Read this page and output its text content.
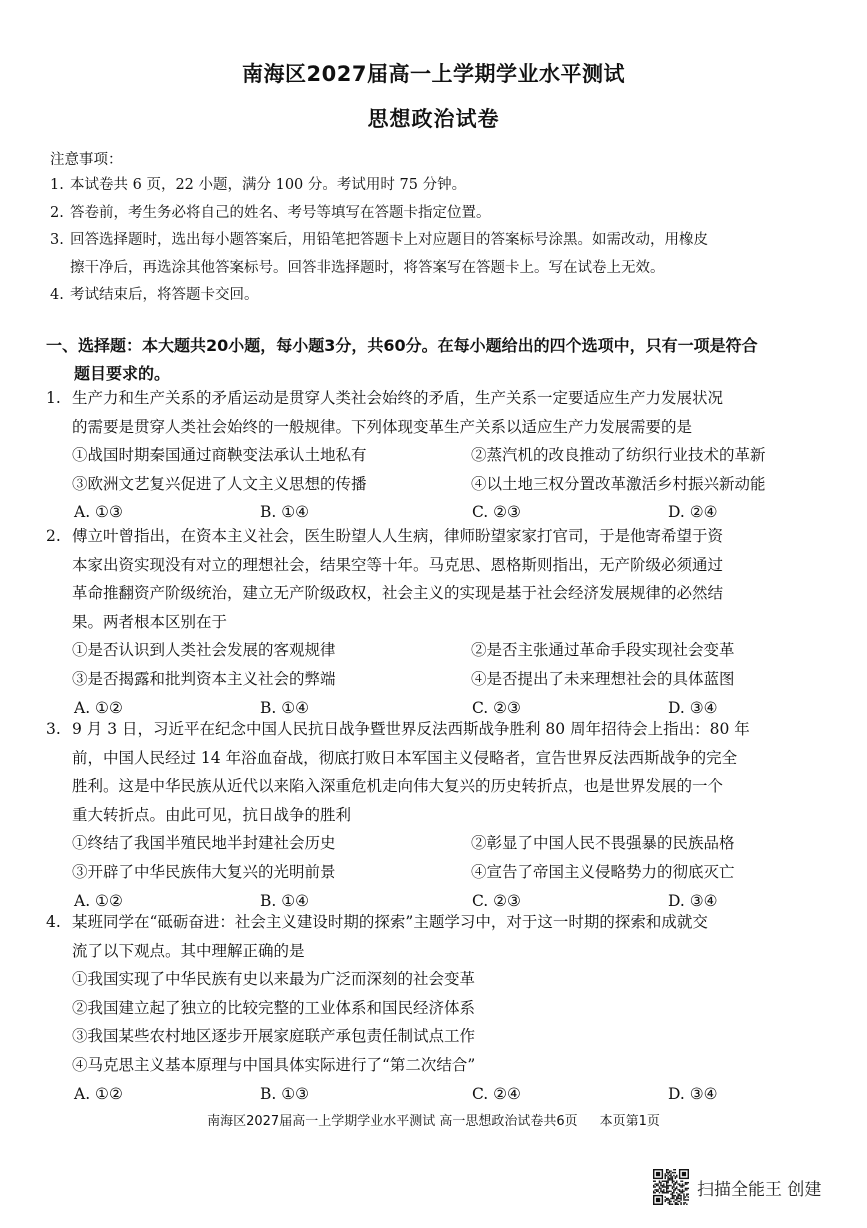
南海区2027届高一上学期学业水平测试
思想政治试卷
注意事项：
1. 本试卷共 6 页，22 小题，满分 100 分。考试用时 75 分钟。
2. 答卷前，考生务必将自己的姓名、考号等填写在答题卡指定位置。
3. 回答选择题时，选出每小题答案后，用铅笔把答题卡上对应题目的答案标号涂黑。如需改动，用橡皮
擦干净后，再选涂其他答案标号。回答非选择题时，将答案写在答题卡上。写在试卷上无效。
4. 考试结束后，将答题卡交回。
一、选择题：本大题共20小题，每小题3分，共60分。在每小题给出的四个选项中，只有一项是符合
题目要求的。
1. 生产力和生产关系的矛盾运动是贯穿人类社会始终的矛盾，生产关系一定要适应生产力发展状况
的需要是贯穿人类社会始终的一般规律。下列体现变革生产关系以适应生产力发展需要的是
①战国时期秦国通过商鞅变法承认土地私有	②蒸汽机的改良推动了纺织行业技术的革新
③欧洲文艺复兴促进了人文主义思想的传播	④以土地三权分置改革激活乡村振兴新动能
A. ①③	B. ①④	C. ②③	D. ②④
2. 傅立叶曾指出，在资本主义社会，医生盼望人人生病，律师盼望家家打官司，于是他寄希望于资
本家出资实现没有对立的理想社会，结果空等十年。马克思、恩格斯则指出，无产阶级必须通过
革命推翻资产阶级统治，建立无产阶级政权，社会主义的实现是基于社会经济发展规律的必然结
果。两者根本区别在于
①是否认识到人类社会发展的客观规律	②是否主张通过革命手段实现社会变革
③是否揭露和批判资本主义社会的弊端	④是否提出了未来理想社会的具体蓝图
A. ①②	B. ①④	C. ②③	D. ③④
3. 9 月 3 日，习近平在纪念中国人民抗日战争暨世界反法西斯战争胜利 80 周年招待会上指出：80 年
前，中国人民经过 14 年浴血奋战，彻底打败日本军国主义侵略者，宣告世界反法西斯战争的完全
胜利。这是中华民族从近代以来陷入深重危机走向伟大复兴的历史转折点，也是世界发展的一个
重大转折点。由此可见，抗日战争的胜利
①终结了我国半殖民地半封建社会历史	②彰显了中国人民不畏强暴的民族品格
③开辟了中华民族伟大复兴的光明前景	④宣告了帝国主义侵略势力的彻底灭亡
A. ①②	B. ①④	C. ②③	D. ③④
4. 某班同学在“砥砺奋进：社会主义建设时期的探索”主题学习中，对于这一时期的探索和成就交
流了以下观点。其中理解正确的是
①我国实现了中华民族有史以来最为广泛而深刻的社会变革
②我国建立起了独立的比较完整的工业体系和国民经济体系
③我国某些农村地区逐步开展家庭联产承包责任制试点工作
④马克思主义基本原理与中国具体实际进行了“第二次结合”
A. ①②	B. ①③	C. ②④	D. ③④
南海区2027届高一上学期学业水平测试 高一思想政治试卷共6页 本页第1页
扫描全能王 创建
